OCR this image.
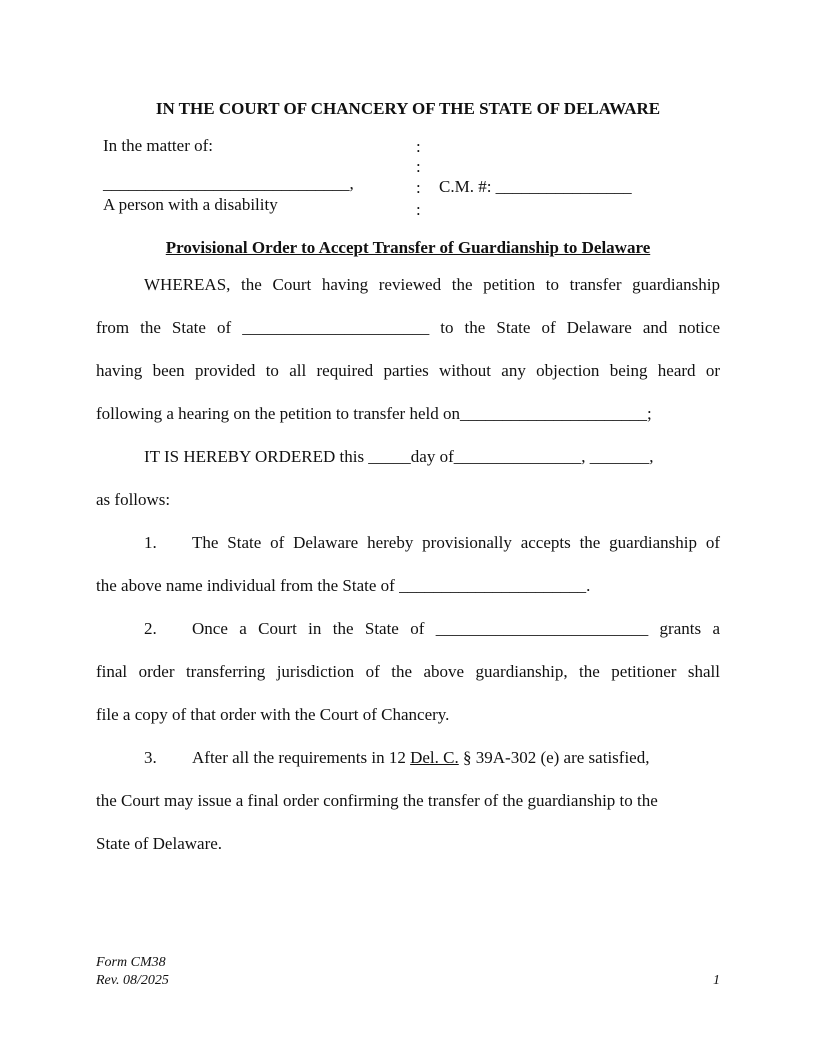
IN THE COURT OF CHANCERY OF THE STATE OF DELAWARE
In the matter of:
_____________________________,
A person with a disability
:
:
:
:
C.M. #: ________________
Provisional Order to Accept Transfer of Guardianship to Delaware
WHEREAS, the Court having reviewed the petition to transfer guardianship
from the State of ______________________ to the State of Delaware and notice
having been provided to all required parties without any objection being heard or
following a hearing on the petition to transfer held on______________________;
IT IS HEREBY ORDERED this _____day of_______________, _______,
as follows:
1. The State of Delaware hereby provisionally accepts the guardianship of
the above name individual from the State of ______________________.
2. Once a Court in the State of _________________________ grants a
final order transferring jurisdiction of the above guardianship, the petitioner shall
file a copy of that order with the Court of Chancery.
3. After all the requirements in 12 Del. C. § 39A-302 (e) are satisfied,
the Court may issue a final order confirming the transfer of the guardianship to the
State of Delaware.
Form CM38
Rev. 08/2025	1
